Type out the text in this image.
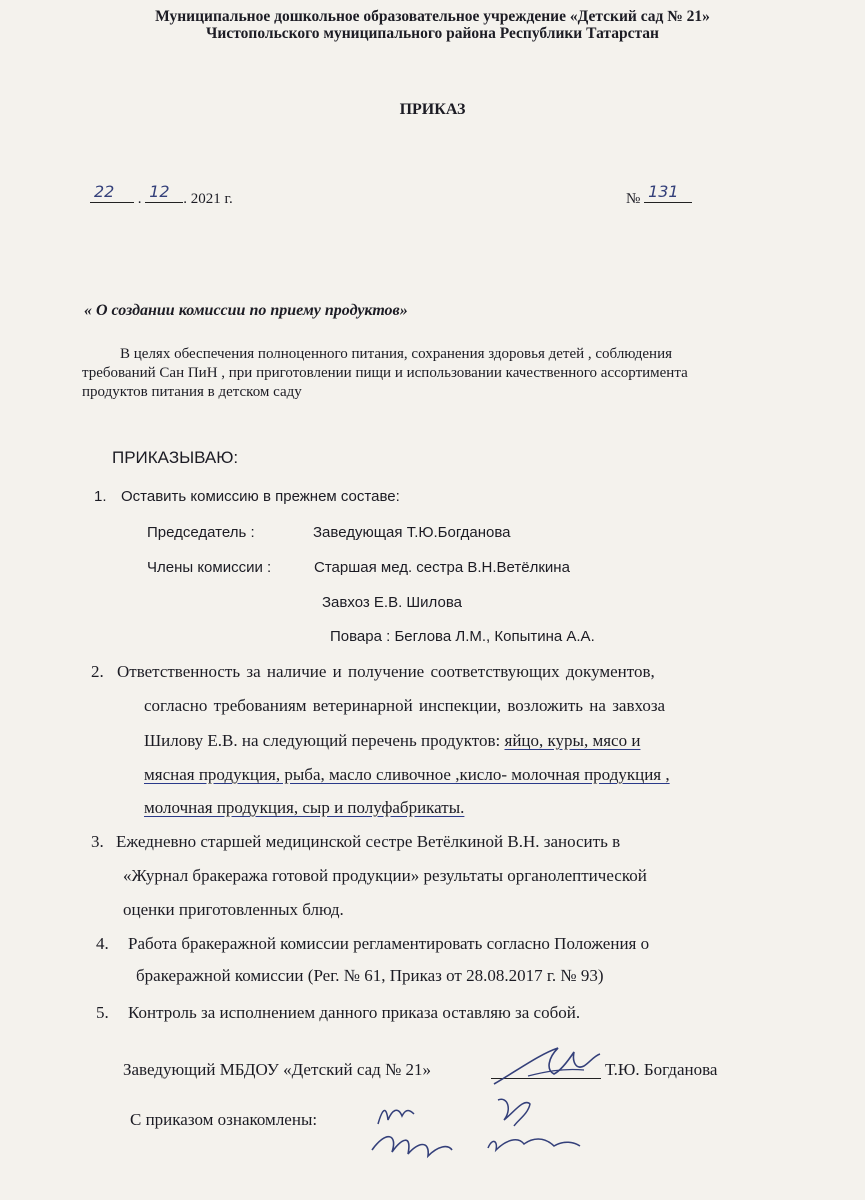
Муниципальное дошкольное образовательное учреждение «Детский сад № 21»
Чистопольского муниципального района Республики Татарстан
ПРИКАЗ
22 . 12 . 2021 г.	№ 131
« О создании комиссии по приему продуктов»
В целях обеспечения полноценного питания, сохранения здоровья детей , соблюдения
требований Сан ПиН , при приготовлении пищи и использовании качественного ассортимента
продуктов питания в детском саду
ПРИКАЗЫВАЮ:
1. Оставить комиссию в прежнем составе:
Председатель :	Заведующая Т.Ю.Богданова
Члены комиссии :	Старшая мед. сестра В.Н.Ветёлкина
Завхоз Е.В. Шилова
Повара : Беглова Л.М., Копытина А.А.
2. Ответственность за наличие и получение соответствующих документов,
согласно требованиям ветеринарной инспекции, возложить на завхоза
Шилову Е.В. на следующий перечень продуктов: яйцо, куры, мясо и
мясная продукция, рыба, масло сливочное ,кисло- молочная продукция ,
молочная продукция, сыр и полуфабрикаты.
3. Ежедневно старшей медицинской сестре Ветёлкиной В.Н. заносить в
«Журнал бракеража готовой продукции» результаты органолептической
оценки приготовленных блюд.
4. Работа бракеражной комиссии регламентировать согласно Положения о
бракеражной комиссии (Рег. № 61, Приказ от 28.08.2017 г. № 93)
5. Контроль за исполнением данного приказа оставляю за собой.
Заведующий МБДОУ «Детский сад № 21»	Т.Ю. Богданова
С приказом ознакомлены:
